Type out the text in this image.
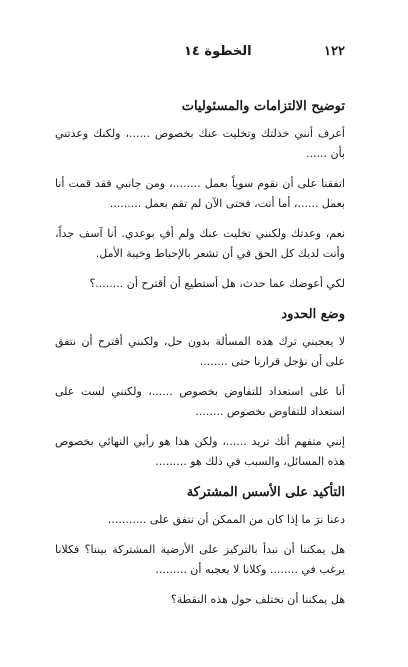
الخطوة ١٤	١٢٢
توضيح الالتزامات والمسئوليات

أعرف أنني خذلتك وتخليت عنك بخصوص ......، ولكنك وعدتني بأن ......

اتفقنا على أن نقوم سوياً بعمل ........، ومن جانبي فقد قمت أنا بعمل ......، أما أنت، فحتى الآن لم تقم بعمل .........

نعم، وعدتك ولكنني تخليت عنك ولم أفِ بوعدي. أنا آسف جداً، وأنت لديك كل الحق في أن تشعر بالإحباط وخيبة الأمل.

لكي أعوضك عما حدث، هل أستطيع أن أقترح أن ........؟

وضع الحدود

لا يعجبني ترك هذه المسألة بدون حل، ولكنني أقترح أن نتفق على أن نؤجل قرارنا حتى ........

أنا على استعداد للتفاوض بخصوص ......، ولكنني لست على استعداد للتفاوض بخصوص ........

إنني متفهم أنك تريد ......، ولكن هذا هو رأيي النهائي بخصوص هذه المسائل، والسبب في ذلك هو .........

التأكيد على الأسس المشتركة

دعنا نرَ ما إذا كان من الممكن أن نتفق على ...........

هل يمكننا أن نبدأ بالتركيز على الأرضية المشتركة بيننا؟ فكلانا يرغب في ........ وكلانا لا يعجبه أن .........

هل يمكننا أن نختلف حول هذه النقطة؟
